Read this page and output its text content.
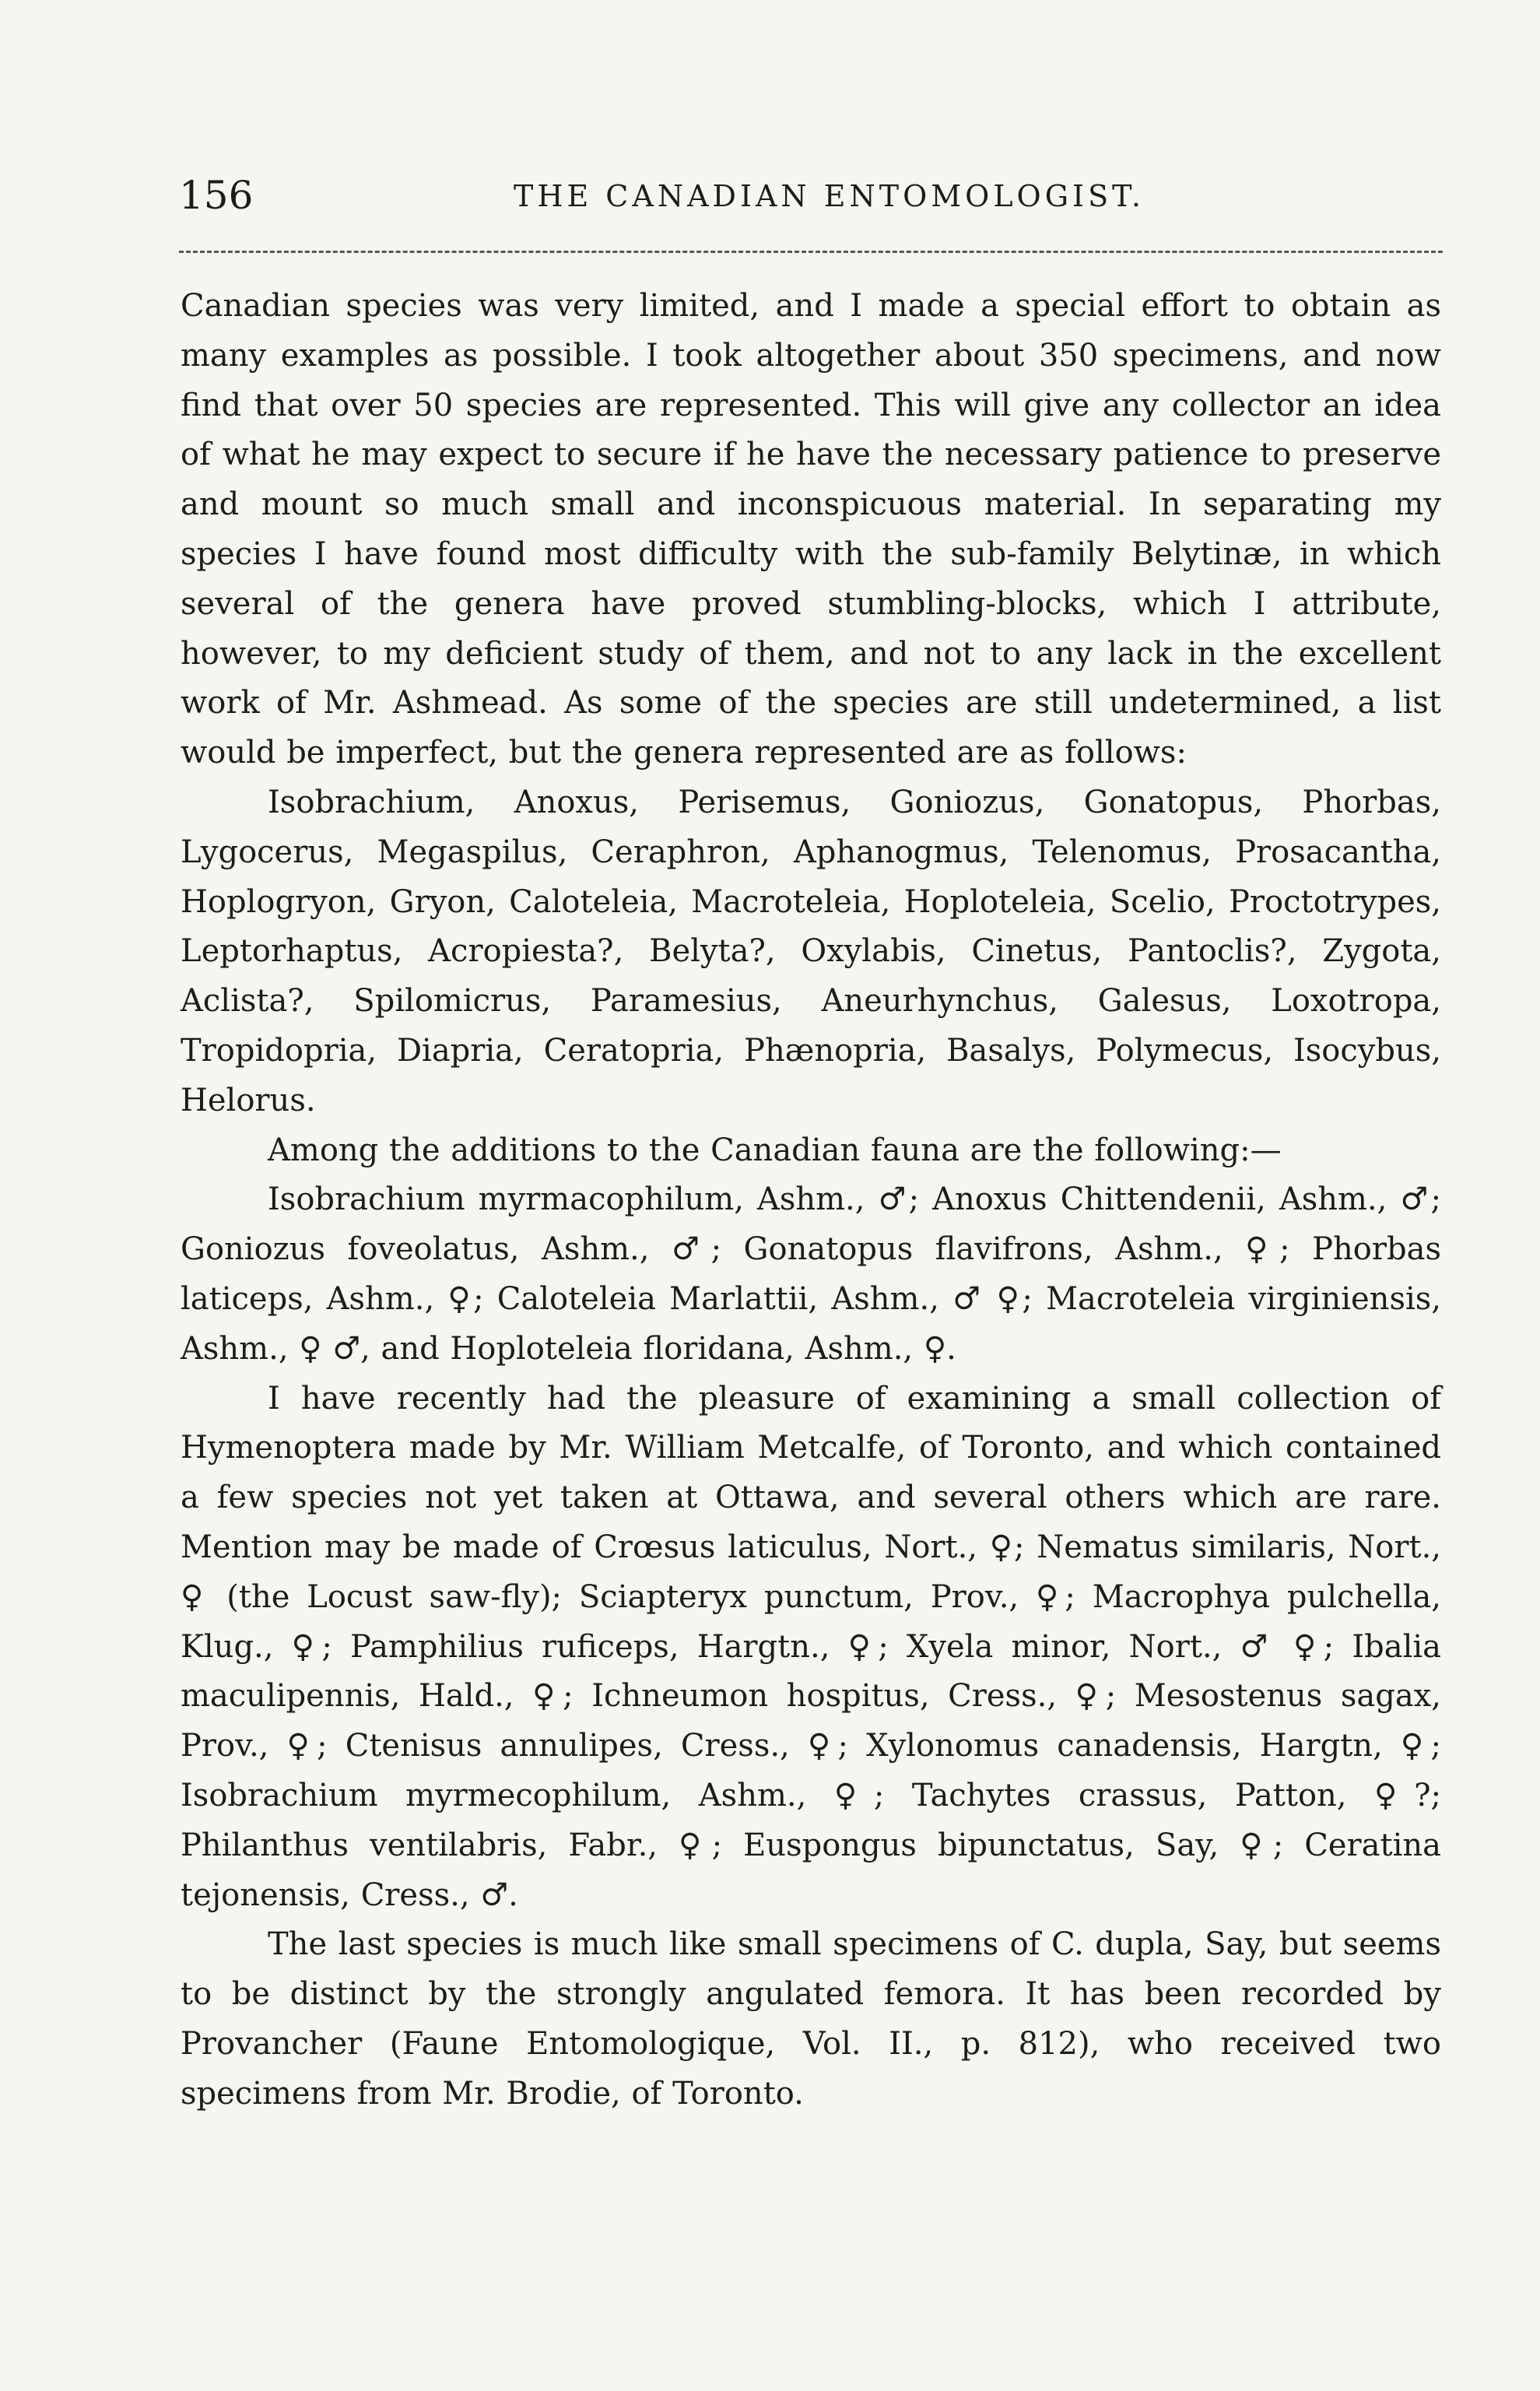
156	THE CANADIAN ENTOMOLOGIST.

Canadian species was very limited, and I made a special effort to obtain as many examples as possible. I took altogether about 350 specimens, and now find that over 50 species are represented. This will give any collector an idea of what he may expect to secure if he have the necessary patience to preserve and mount so much small and inconspicuous material. In separating my species I have found most difficulty with the sub-family Belytinæ, in which several of the genera have proved stumbling-blocks, which I attribute, however, to my deficient study of them, and not to any lack in the excellent work of Mr. Ashmead. As some of the species are still undetermined, a list would be imperfect, but the genera represented are as follows:

Isobrachium, Anoxus, Perisemus, Goniozus, Gonatopus, Phorbas, Lygocerus, Megaspilus, Ceraphron, Aphanogmus, Telenomus, Prosacantha, Hoplogryon, Gryon, Caloteleia, Macroteleia, Hoploteleia, Scelio, Proctotrypes, Leptorhaptus, Acropiesta?, Belyta?, Oxylabis, Cinetus, Pantoclis?, Zygota, Aclista?, Spilomicrus, Paramesius, Aneurhynchus, Galesus, Loxotropa, Tropidopria, Diapria, Ceratopria, Phænopria, Basalys, Polymecus, Isocybus, Helorus.

Among the additions to the Canadian fauna are the following:—

Isobrachium myrmacophilum, Ashm., ♂; Anoxus Chittendenii, Ashm., ♂; Goniozus foveolatus, Ashm., ♂; Gonatopus flavifrons, Ashm., ♀; Phorbas laticeps, Ashm., ♀; Caloteleia Marlattii, Ashm., ♂ ♀; Macroteleia virginiensis, Ashm., ♀ ♂, and Hoploteleia floridana, Ashm., ♀.

I have recently had the pleasure of examining a small collection of Hymenoptera made by Mr. William Metcalfe, of Toronto, and which contained a few species not yet taken at Ottawa, and several others which are rare. Mention may be made of Crœsus laticulus, Nort., ♀; Nematus similaris, Nort., ♀ (the Locust saw-fly); Sciapteryx punctum, Prov., ♀; Macrophya pulchella, Klug., ♀; Pamphilius ruficeps, Hargtn., ♀; Xyela minor, Nort., ♂ ♀; Ibalia maculipennis, Hald., ♀; Ichneumon hospitus, Cress., ♀; Mesostenus sagax, Prov., ♀; Ctenisus annulipes, Cress., ♀; Xylonomus canadensis, Hargtn, ♀; Isobrachium myrmecophilum, Ashm., ♀; Tachytes crassus, Patton, ♀?; Philanthus ventilabris, Fabr., ♀; Euspongus bipunctatus, Say, ♀; Ceratina tejonensis, Cress., ♂.

The last species is much like small specimens of C. dupla, Say, but seems to be distinct by the strongly angulated femora. It has been recorded by Provancher (Faune Entomologique, Vol. II., p. 812), who received two specimens from Mr. Brodie, of Toronto.
